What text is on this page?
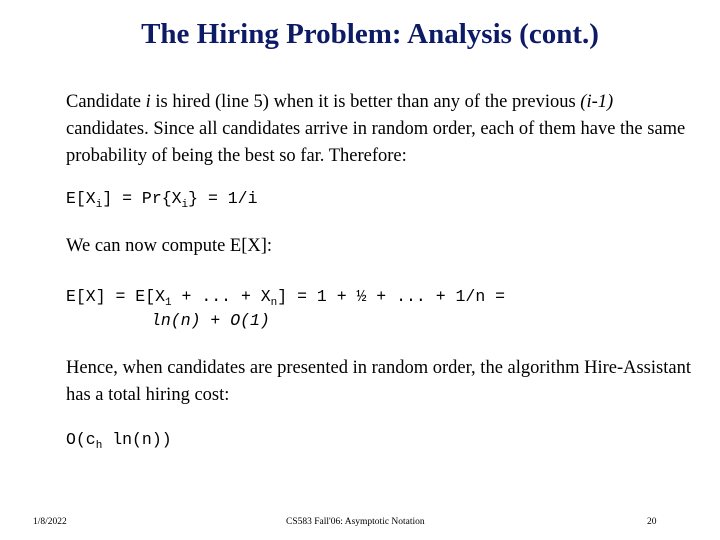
The Hiring Problem: Analysis (cont.)
Candidate i is hired (line 5) when it is better than any of the previous (i-1) candidates. Since all candidates arrive in random order, each of them have the same probability of being the best so far. Therefore:
$E[X_i] = Pr\{X_i\} = 1/i$
We can now compute E[X]:
$E[X] = E[X_1$ + ... + $X_n] = 1$ + ½ + ... + 1/n =
ln(n) + O(1)
Hence, when candidates are presented in random order, the algorithm Hire-Assistant has a total hiring cost:
$O(c_h$ ln(n))
1/8/2022	CS583 Fall'06: Asymptotic Notation	20
